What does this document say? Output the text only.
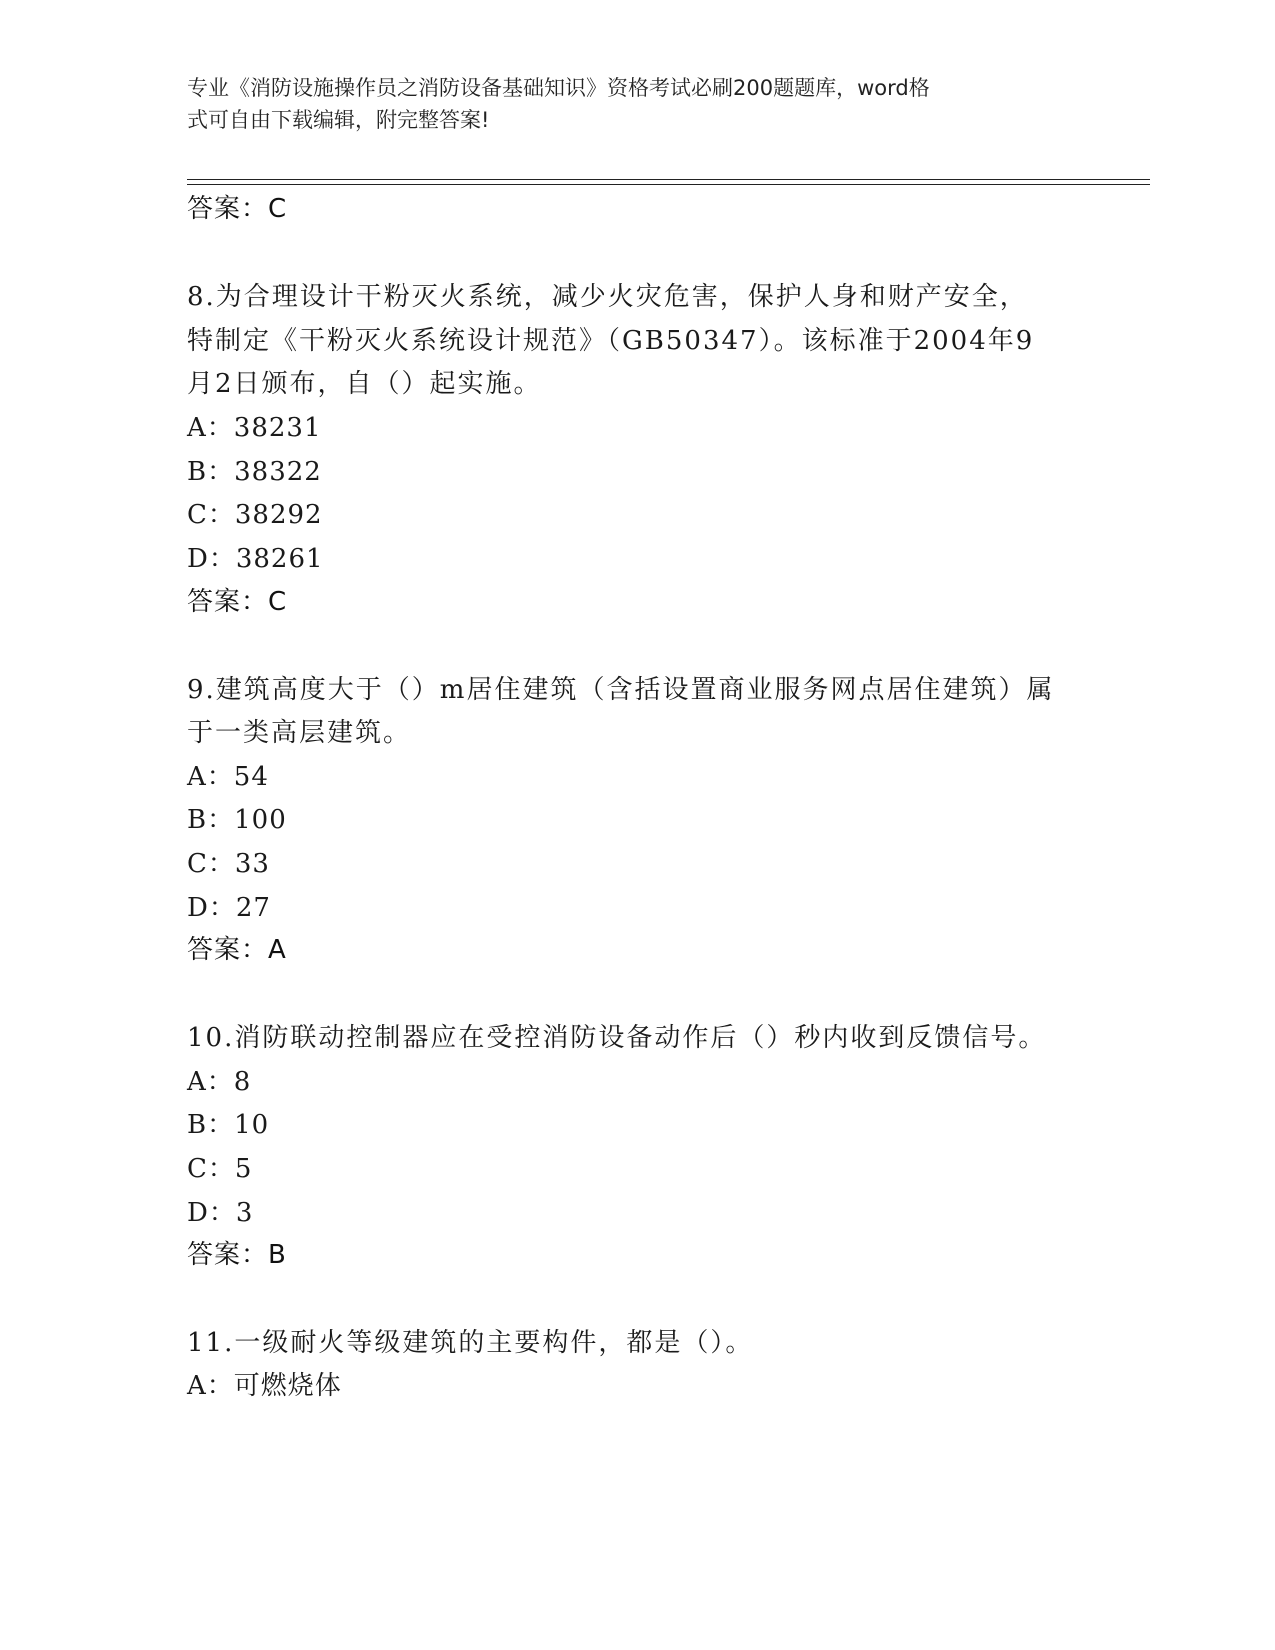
专业《消防设施操作员之消防设备基础知识》资格考试必刷200题题库，word格
式可自由下载编辑，附完整答案!
答案：C
8.为合理设计干粉灭火系统，减少火灾危害，保护人身和财产安全，
特制定《干粉灭火系统设计规范》（GB50347）。该标准于2004年9
月2日颁布，自（）起实施。
A：38231
B：38322
C：38292
D：38261
答案：C
9.建筑高度大于（）m居住建筑（含括设置商业服务网点居住建筑）属
于一类高层建筑。
A：54
B：100
C：33
D：27
答案：A
10.消防联动控制器应在受控消防设备动作后（）秒内收到反馈信号。
A：8
B：10
C：5
D：3
答案：B
11.一级耐火等级建筑的主要构件，都是（）。
A：可燃烧体
